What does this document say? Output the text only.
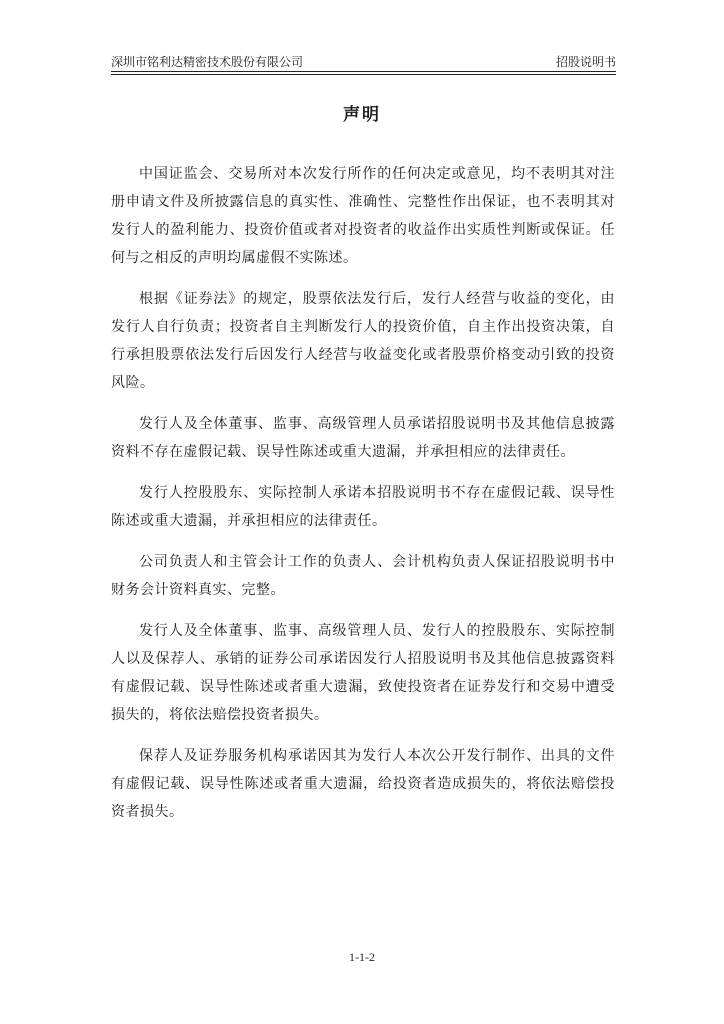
深圳市铭利达精密技术股份有限公司	招股说明书
声明

中国证监会、交易所对本次发行所作的任何决定或意见，均不表明其对注册申请文件及所披露信息的真实性、准确性、完整性作出保证，也不表明其对发行人的盈利能力、投资价值或者对投资者的收益作出实质性判断或保证。任何与之相反的声明均属虚假不实陈述。

根据《证券法》的规定，股票依法发行后，发行人经营与收益的变化，由发行人自行负责；投资者自主判断发行人的投资价值，自主作出投资决策，自行承担股票依法发行后因发行人经营与收益变化或者股票价格变动引致的投资风险。

发行人及全体董事、监事、高级管理人员承诺招股说明书及其他信息披露资料不存在虚假记载、误导性陈述或重大遗漏，并承担相应的法律责任。

发行人控股股东、实际控制人承诺本招股说明书不存在虚假记载、误导性陈述或重大遗漏，并承担相应的法律责任。

公司负责人和主管会计工作的负责人、会计机构负责人保证招股说明书中财务会计资料真实、完整。

发行人及全体董事、监事、高级管理人员、发行人的控股股东、实际控制人以及保荐人、承销的证券公司承诺因发行人招股说明书及其他信息披露资料有虚假记载、误导性陈述或者重大遗漏，致使投资者在证券发行和交易中遭受损失的，将依法赔偿投资者损失。

保荐人及证券服务机构承诺因其为发行人本次公开发行制作、出具的文件有虚假记载、误导性陈述或者重大遗漏，给投资者造成损失的，将依法赔偿投资者损失。

1-1-2
